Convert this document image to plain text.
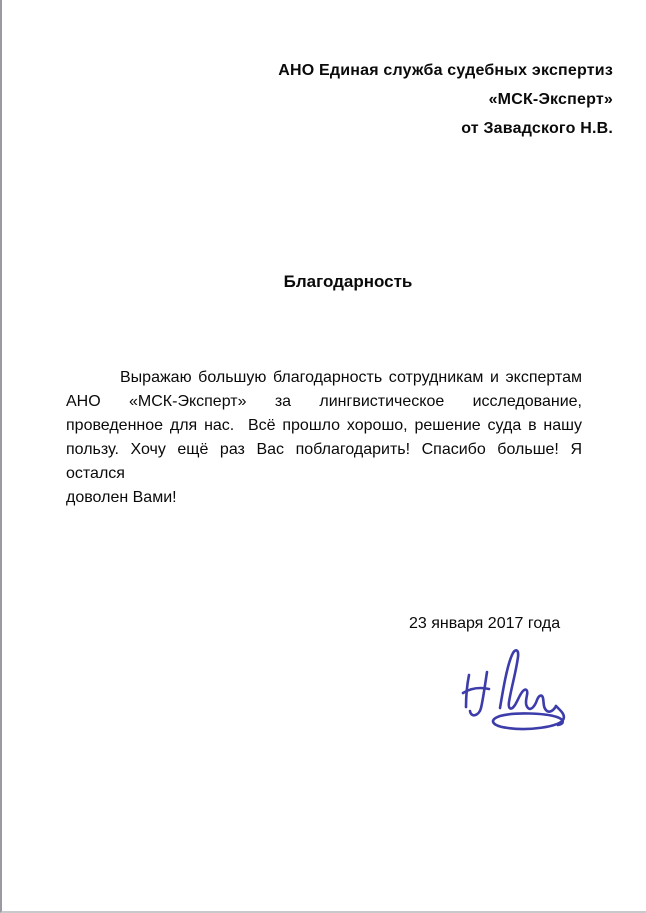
АНО Единая служба судебных экспертиз
«МСК-Эксперт»
от Завадского Н.В.
Благодарность
Выражаю большую благодарность сотрудникам и экспертам
АНО «МСК-Эксперт» за лингвистическое исследование,
проведенное для нас.  Всё прошло хорошо, решение суда в нашу
пользу. Хочу ещё раз Вас поблагодарить! Спасибо больше! Я остался
доволен Вами!
23 января 2017 года
